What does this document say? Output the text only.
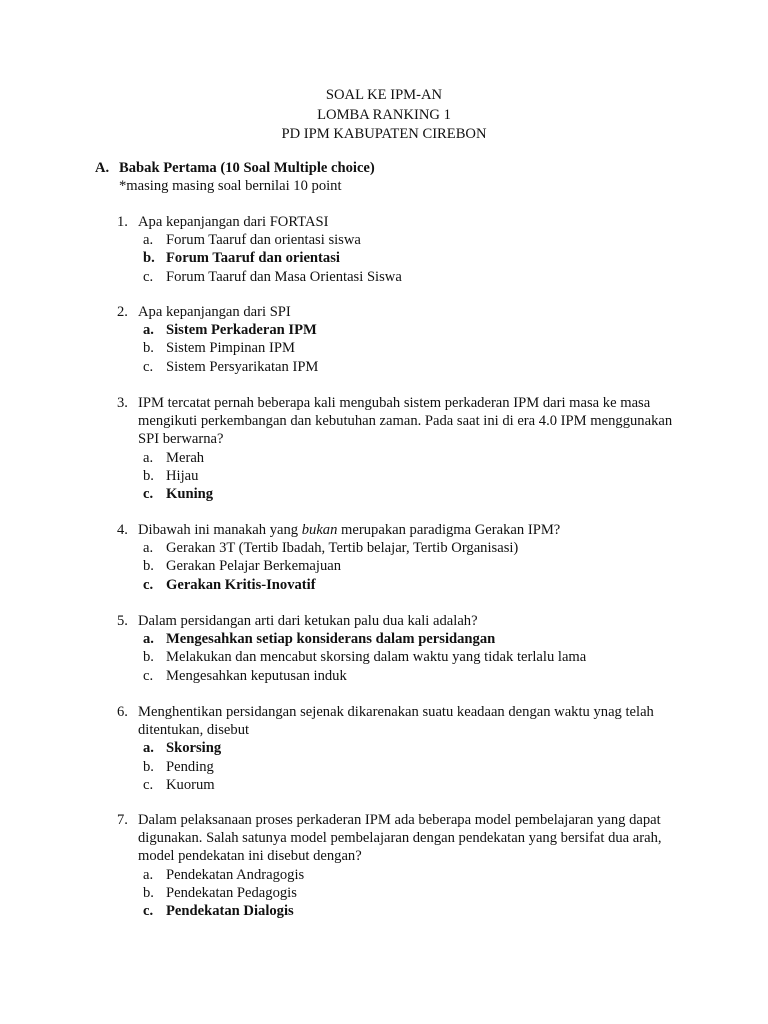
SOAL KE IPM-AN
LOMBA RANKING 1
PD IPM KABUPATEN CIREBON
A. Babak Pertama (10 Soal Multiple choice)
*masing masing soal bernilai 10 point
1. Apa kepanjangan dari FORTASI
a. Forum Taaruf dan orientasi siswa
b. Forum Taaruf dan orientasi
c. Forum Taaruf dan Masa Orientasi Siswa
2. Apa kepanjangan dari SPI
a. Sistem Perkaderan IPM
b. Sistem Pimpinan IPM
c. Sistem Persyarikatan IPM
3. IPM tercatat pernah beberapa kali mengubah sistem perkaderan IPM dari masa ke masa mengikuti perkembangan dan kebutuhan zaman. Pada saat ini di era 4.0 IPM menggunakan SPI berwarna?
a. Merah
b. Hijau
c. Kuning
4. Dibawah ini manakah yang bukan merupakan paradigma Gerakan IPM?
a. Gerakan 3T (Tertib Ibadah, Tertib belajar, Tertib Organisasi)
b. Gerakan Pelajar Berkemajuan
c. Gerakan Kritis-Inovatif
5. Dalam persidangan arti dari ketukan palu dua kali adalah?
a. Mengesahkan setiap konsiderans dalam persidangan
b. Melakukan dan mencabut skorsing dalam waktu yang tidak terlalu lama
c. Mengesahkan keputusan induk
6. Menghentikan persidangan sejenak dikarenakan suatu keadaan dengan waktu ynag telah ditentukan, disebut
a. Skorsing
b. Pending
c. Kuorum
7. Dalam pelaksanaan proses perkaderan IPM ada beberapa model pembelajaran yang dapat digunakan. Salah satunya model pembelajaran dengan pendekatan yang bersifat dua arah, model pendekatan ini disebut dengan?
a. Pendekatan Andragogis
b. Pendekatan Pedagogis
c. Pendekatan Dialogis
